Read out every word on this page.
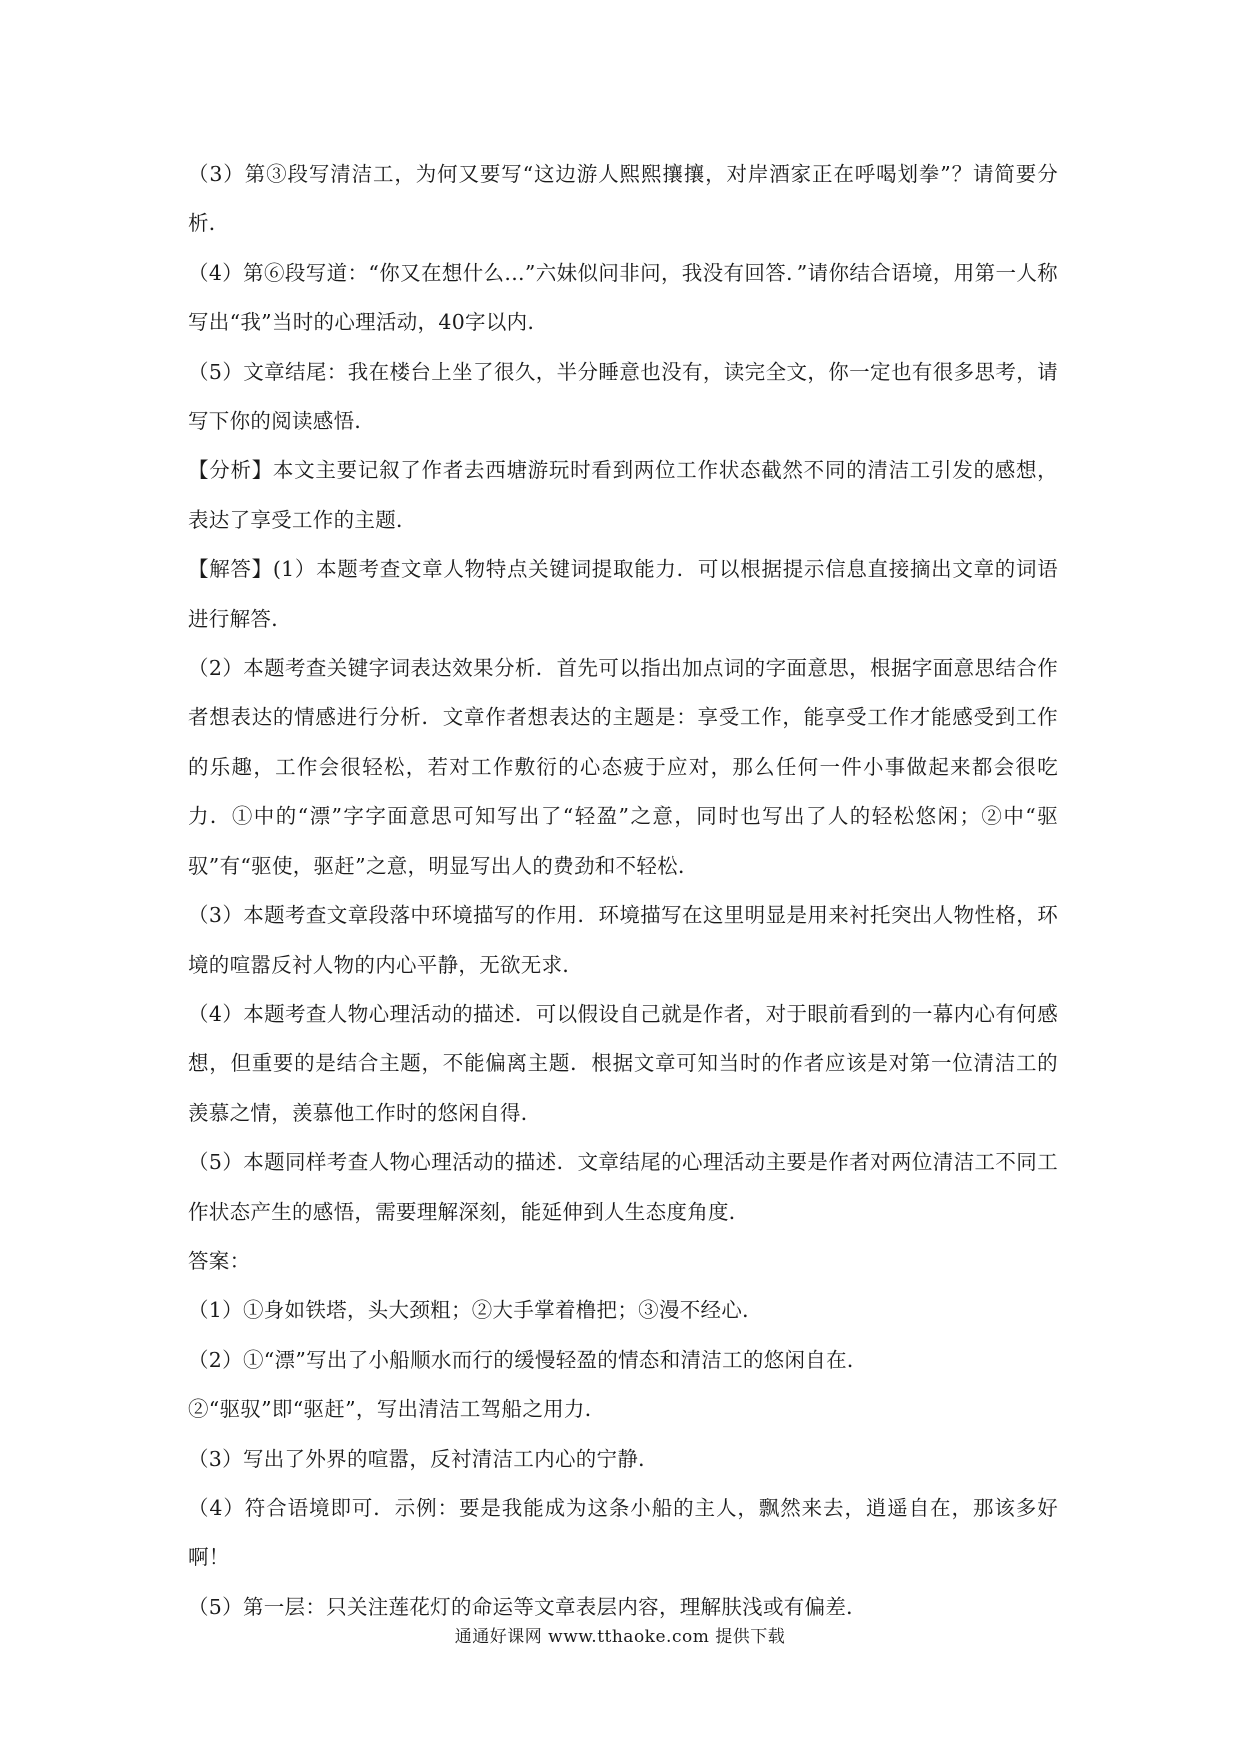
（3）第③段写清洁工，为何又要写“这边游人熙熙攘攘，对岸酒家正在呼喝划拳”？请简要分析．

（4）第⑥段写道：“你又在想什么...”六妹似问非问，我没有回答．”请你结合语境，用第一人称写出“我”当时的心理活动，40字以内．

（5）文章结尾：我在楼台上坐了很久，半分睡意也没有，读完全文，你一定也有很多思考，请写下你的阅读感悟．

【分析】本文主要记叙了作者去西塘游玩时看到两位工作状态截然不同的清洁工引发的感想，表达了享受工作的主题．

【解答】(1）本题考查文章人物特点关键词提取能力．可以根据提示信息直接摘出文章的词语进行解答．

（2）本题考查关键字词表达效果分析．首先可以指出加点词的字面意思，根据字面意思结合作者想表达的情感进行分析．文章作者想表达的主题是：享受工作，能享受工作才能感受到工作的乐趣，工作会很轻松，若对工作敷衍的心态疲于应对，那么任何一件小事做起来都会很吃力．①中的“漂”字字面意思可知写出了“轻盈”之意，同时也写出了人的轻松悠闲；②中“驱驭”有“驱使，驱赶”之意，明显写出人的费劲和不轻松．

（3）本题考查文章段落中环境描写的作用．环境描写在这里明显是用来衬托突出人物性格，环境的喧嚣反衬人物的内心平静，无欲无求．

（4）本题考查人物心理活动的描述．可以假设自己就是作者，对于眼前看到的一幕内心有何感想，但重要的是结合主题，不能偏离主题．根据文章可知当时的作者应该是对第一位清洁工的羡慕之情，羡慕他工作时的悠闲自得．

（5）本题同样考查人物心理活动的描述．文章结尾的心理活动主要是作者对两位清洁工不同工作状态产生的感悟，需要理解深刻，能延伸到人生态度角度．

答案：

（1）①身如铁塔，头大颈粗；②大手掌着橹把；③漫不经心．

（2）①“漂”写出了小船顺水而行的缓慢轻盈的情态和清洁工的悠闲自在．

②“驱驭”即“驱赶”，写出清洁工驾船之用力．

（3）写出了外界的喧嚣，反衬清洁工内心的宁静．

（4）符合语境即可．示例：要是我能成为这条小船的主人，飘然来去，逍遥自在，那该多好啊！

（5）第一层：只关注莲花灯的命运等文章表层内容，理解肤浅或有偏差．

通通好课网 www.tthaoke.com 提供下载
